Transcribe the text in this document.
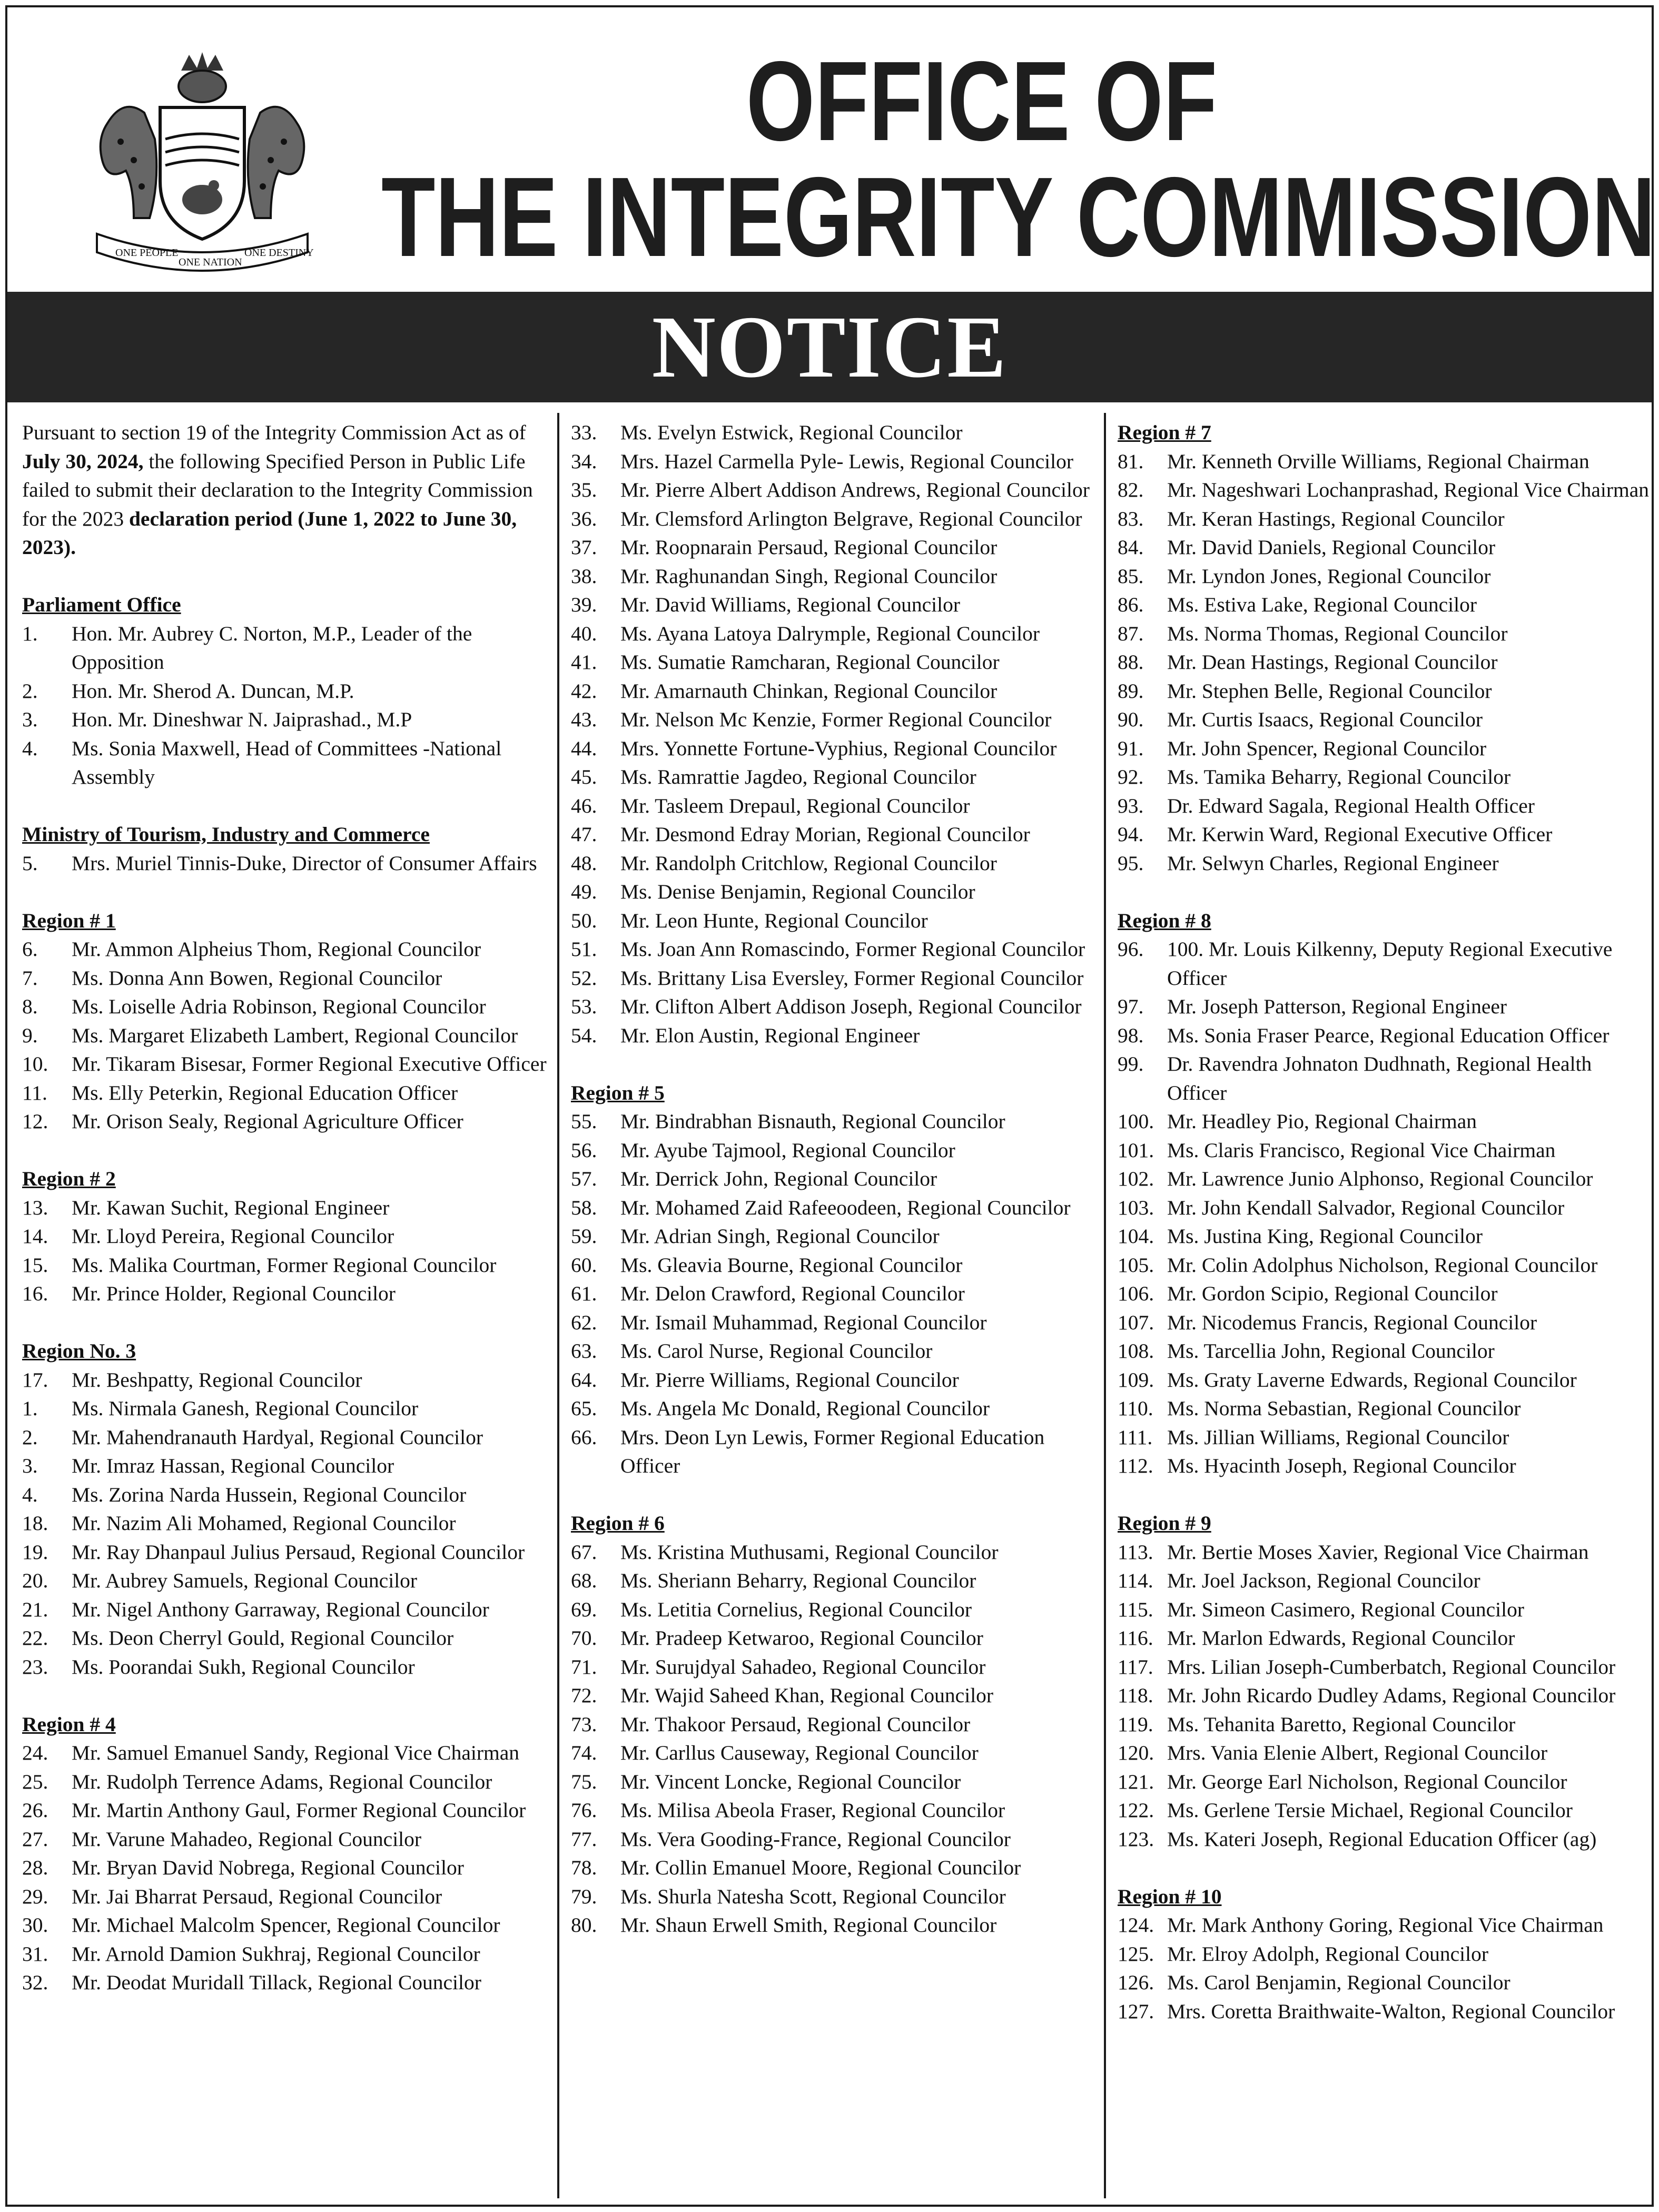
ONE PEOPLE
ONE NATION
ONE DESTINY
OFFICE OF
THE INTEGRITY COMMISSION
NOTICE

Pursuant to section 19 of the Integrity Commission Act as of July 30, 2024, the following Specified Person in Public Life failed to submit their declaration to the Integrity Commission for the 2023 declaration period (June 1, 2022 to June 30, 2023).

Parliament Office
1.	Hon. Mr. Aubrey C. Norton, M.P., Leader of the Opposition
2.	Hon. Mr. Sherod A. Duncan, M.P.
3.	Hon. Mr. Dineshwar N. Jaiprashad., M.P
4.	Ms. Sonia Maxwell, Head of Committees -National Assembly
Ministry of Tourism, Industry and Commerce
5.	Mrs. Muriel Tinnis-Duke, Director of Consumer Affairs
Region # 1
6.	Mr. Ammon Alpheius Thom, Regional Councilor
7.	Ms. Donna Ann Bowen, Regional Councilor
8.	Ms. Loiselle Adria Robinson, Regional Councilor
9.	Ms. Margaret Elizabeth Lambert, Regional Councilor
10.	Mr. Tikaram Bisesar, Former Regional Executive Officer
11.	Ms. Elly Peterkin, Regional Education Officer
12.	Mr. Orison Sealy, Regional Agriculture Officer
Region # 2
13.	Mr. Kawan Suchit, Regional Engineer
14.	Mr. Lloyd Pereira, Regional Councilor
15.	Ms. Malika Courtman, Former Regional Councilor
16.	Mr. Prince Holder, Regional Councilor
Region No. 3
17.	Mr. Beshpatty, Regional Councilor
1.	Ms. Nirmala Ganesh, Regional Councilor
2.	Mr. Mahendranauth Hardyal, Regional Councilor
3.	Mr. Imraz Hassan, Regional Councilor
4.	Ms. Zorina Narda Hussein, Regional Councilor
18.	Mr. Nazim Ali Mohamed, Regional Councilor
19.	Mr. Ray Dhanpaul Julius Persaud, Regional Councilor
20.	Mr. Aubrey Samuels, Regional Councilor
21.	Mr. Nigel Anthony Garraway, Regional Councilor
22.	Ms. Deon Cherryl Gould, Regional Councilor
23.	Ms. Poorandai Sukh, Regional Councilor
Region # 4
24.	Mr. Samuel Emanuel Sandy, Regional Vice Chairman
25.	Mr. Rudolph Terrence Adams, Regional Councilor
26.	Mr. Martin Anthony Gaul, Former Regional Councilor
27.	Mr. Varune Mahadeo, Regional Councilor
28.	Mr. Bryan David Nobrega, Regional Councilor
29.	Mr. Jai Bharrat Persaud, Regional Councilor
30.	Mr. Michael Malcolm Spencer, Regional Councilor
31.	Mr. Arnold Damion Sukhraj, Regional Councilor
32.	Mr. Deodat Muridall Tillack, Regional Councilor
33.	Ms. Evelyn Estwick, Regional Councilor
34.	Mrs. Hazel Carmella Pyle- Lewis, Regional Councilor
35.	Mr. Pierre Albert Addison Andrews, Regional Councilor
36.	Mr. Clemsford Arlington Belgrave, Regional Councilor
37.	Mr. Roopnarain Persaud, Regional Councilor
38.	Mr. Raghunandan Singh, Regional Councilor
39.	Mr. David Williams, Regional Councilor
40.	Ms. Ayana Latoya Dalrymple, Regional Councilor
41.	Ms. Sumatie Ramcharan, Regional Councilor
42.	Mr. Amarnauth Chinkan, Regional Councilor
43.	Mr. Nelson Mc Kenzie, Former Regional Councilor
44.	Mrs. Yonnette Fortune-Vyphius, Regional Councilor
45.	Ms. Ramrattie Jagdeo, Regional Councilor
46.	Mr. Tasleem Drepaul, Regional Councilor
47.	Mr. Desmond Edray Morian, Regional Councilor
48.	Mr. Randolph Critchlow, Regional Councilor
49.	Ms. Denise Benjamin, Regional Councilor
50.	Mr. Leon Hunte, Regional Councilor
51.	Ms. Joan Ann Romascindo, Former Regional Councilor
52.	Ms. Brittany Lisa Eversley, Former Regional Councilor
53.	Mr. Clifton Albert Addison Joseph, Regional Councilor
54.	Mr. Elon Austin, Regional Engineer
Region # 5
55.	Mr. Bindrabhan Bisnauth, Regional Councilor
56.	Mr. Ayube Tajmool, Regional Councilor
57.	Mr. Derrick John, Regional Councilor
58.	Mr. Mohamed Zaid Rafeeoodeen, Regional Councilor
59.	Mr. Adrian Singh, Regional Councilor
60.	Ms. Gleavia Bourne, Regional Councilor
61.	Mr. Delon Crawford, Regional Councilor
62.	Mr. Ismail Muhammad, Regional Councilor
63.	Ms. Carol Nurse, Regional Councilor
64.	Mr. Pierre Williams, Regional Councilor
65.	Ms. Angela Mc Donald, Regional Councilor
66.	Mrs. Deon Lyn Lewis, Former Regional Education Officer
Region # 6
67.	Ms. Kristina Muthusami, Regional Councilor
68.	Ms. Sheriann Beharry, Regional Councilor
69.	Ms. Letitia Cornelius, Regional Councilor
70.	Mr. Pradeep Ketwaroo, Regional Councilor
71.	Mr. Surujdyal Sahadeo, Regional Councilor
72.	Mr. Wajid Saheed Khan, Regional Councilor
73.	Mr. Thakoor Persaud, Regional Councilor
74.	Mr. Carllus Causeway, Regional Councilor
75.	Mr. Vincent Loncke, Regional Councilor
76.	Ms. Milisa Abeola Fraser, Regional Councilor
77.	Ms. Vera Gooding-France, Regional Councilor
78.	Mr. Collin Emanuel Moore, Regional Councilor
79.	Ms. Shurla Natesha Scott, Regional Councilor
80.	Mr. Shaun Erwell Smith, Regional Councilor
Region # 7
81.	Mr. Kenneth Orville Williams, Regional Chairman
82.	Mr. Nageshwari Lochanprashad, Regional Vice Chairman
83.	Mr. Keran Hastings, Regional Councilor
84.	Mr. David Daniels, Regional Councilor
85.	Mr. Lyndon Jones, Regional Councilor
86.	Ms. Estiva Lake, Regional Councilor
87.	Ms. Norma Thomas, Regional Councilor
88.	Mr. Dean Hastings, Regional Councilor
89.	Mr. Stephen Belle, Regional Councilor
90.	Mr. Curtis Isaacs, Regional Councilor
91.	Mr. John Spencer, Regional Councilor
92.	Ms. Tamika Beharry, Regional Councilor
93.	Dr. Edward Sagala, Regional Health Officer
94.	Mr. Kerwin Ward, Regional Executive Officer
95.	Mr. Selwyn Charles, Regional Engineer
Region # 8
96.	100. Mr. Louis Kilkenny, Deputy Regional Executive Officer
97.	Mr. Joseph Patterson, Regional Engineer
98.	Ms. Sonia Fraser Pearce, Regional Education Officer
99.	Dr. Ravendra Johnaton Dudhnath, Regional Health Officer
100. Mr. Headley Pio, Regional Chairman
101. Ms. Claris Francisco, Regional Vice Chairman
102. Mr. Lawrence Junio Alphonso, Regional Councilor
103. Mr. John Kendall Salvador, Regional Councilor
104. Ms. Justina King, Regional Councilor
105. Mr. Colin Adolphus Nicholson, Regional Councilor
106. Mr. Gordon Scipio, Regional Councilor
107. Mr. Nicodemus Francis, Regional Councilor
108. Ms. Tarcellia John, Regional Councilor
109. Ms. Graty Laverne Edwards, Regional Councilor
110. Ms. Norma Sebastian, Regional Councilor
111. Ms. Jillian Williams, Regional Councilor
112. Ms. Hyacinth Joseph, Regional Councilor
Region # 9
113. Mr. Bertie Moses Xavier, Regional Vice Chairman
114. Mr. Joel Jackson, Regional Councilor
115. Mr. Simeon Casimero, Regional Councilor
116. Mr. Marlon Edwards, Regional Councilor
117. Mrs. Lilian Joseph-Cumberbatch, Regional Councilor
118. Mr. John Ricardo Dudley Adams, Regional Councilor
119. Ms. Tehanita Baretto, Regional Councilor
120. Mrs. Vania Elenie Albert, Regional Councilor
121. Mr. George Earl Nicholson, Regional Councilor
122. Ms. Gerlene Tersie Michael, Regional Councilor
123. Ms. Kateri Joseph, Regional Education Officer (ag)
Region # 10
124. Mr. Mark Anthony Goring, Regional Vice Chairman
125. Mr. Elroy Adolph, Regional Councilor
126. Ms. Carol Benjamin, Regional Councilor
127. Mrs. Coretta Braithwaite-Walton, Regional Councilor
